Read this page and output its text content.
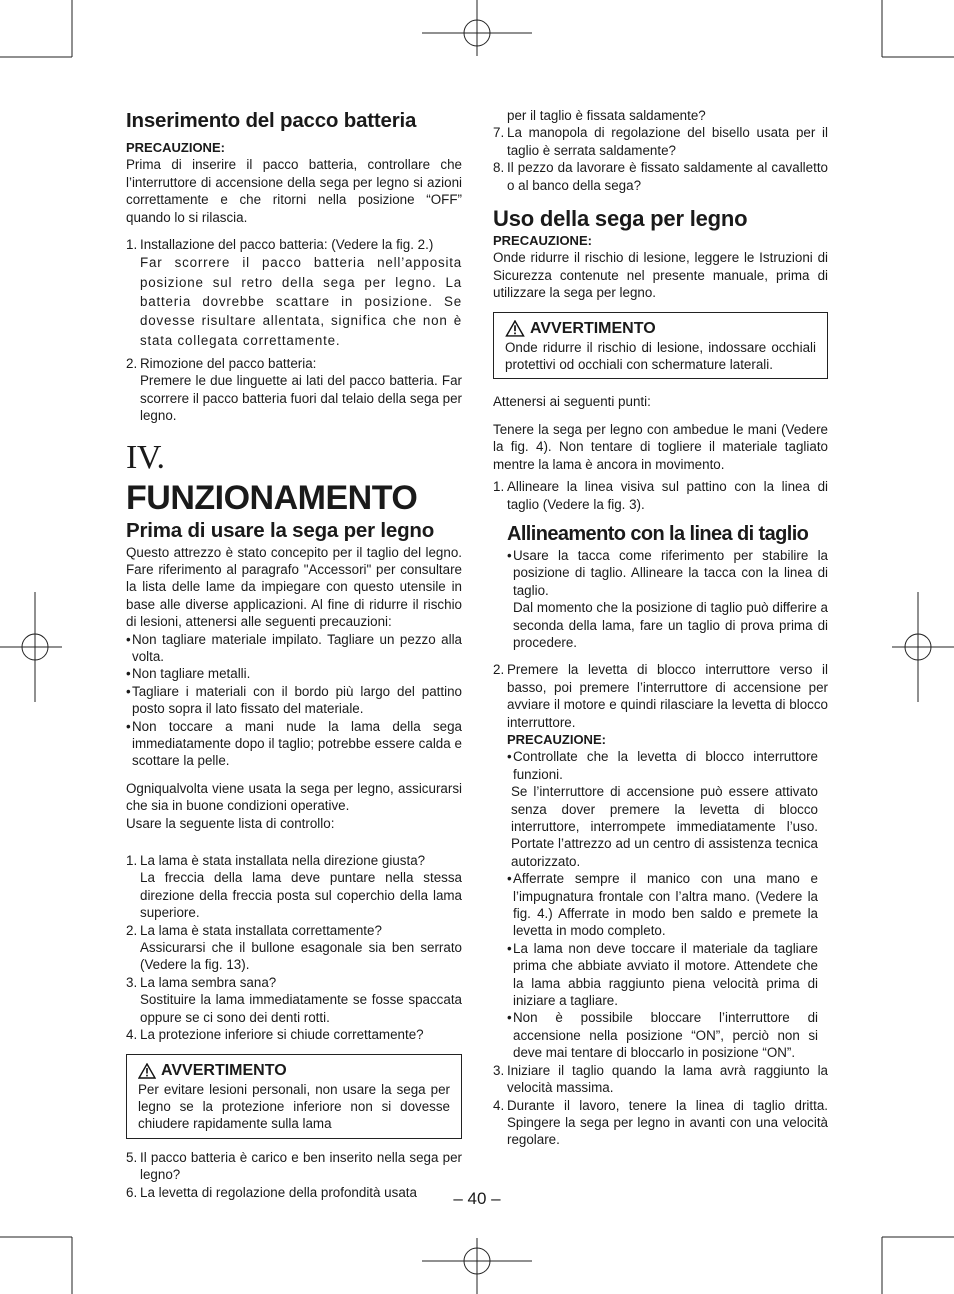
Inserimento del pacco batteria
PRECAUZIONE:

Prima di inserire il pacco batteria, controllare che l’interruttore di accensione della sega per legno si azioni correttamente e che ritorni nella posizione “OFF” quando lo si rilascia.

1. Installazione del pacco batteria: (Vedere la fig. 2.)

Far scorrere il pacco batteria nell’apposita posizione sul retro della sega per legno. La batteria dovrebbe scattare in posizione. Se dovesse risultare allentata, significa che non è stata collegata correttamente.

2. Rimozione del pacco batteria:

Premere le due linguette ai lati del pacco batteria. Far scorrere il pacco batteria fuori dal telaio della sega per legno.

IV. FUNZIONAMENTO
Prima di usare la sega per legno

Questo attrezzo è stato concepito per il taglio del legno. Fare riferimento al paragrafo "Accessori" per consultare la lista delle lame da impiegare con questo utensile in base alle diverse applicazioni. Al fine di ridurre il rischio di lesioni, attenersi alle seguenti precauzioni:

• Non tagliare materiale impilato. Tagliare un pezzo alla volta.
• Non tagliare metalli.
• Tagliare i materiali con il bordo più largo del pattino posto sopra il lato fissato del materiale.
• Non toccare a mani nude la lama della sega immediatamente dopo il taglio; potrebbe essere calda e scottare la pelle.

Ogniqualvolta viene usata la sega per legno, assicurarsi che sia in buone condizioni operative.

Usare la seguente lista di controllo:

1. La lama è stata installata nella direzione giusta?

La freccia della lama deve puntare nella stessa direzione della freccia posta sul coperchio della lama superiore.

2. La lama è stata installata correttamente?

Assicurarsi che il bullone esagonale sia ben serrato (Vedere la fig. 13).

3. La lama sembra sana?

Sostituire la lama immediatamente se fosse spaccata oppure se ci sono dei denti rotti.

4. La protezione inferiore si chiude correttamente?
AVVERTIMENTO

Per evitare lesioni personali, non usare la sega per legno se la protezione inferiore non si dovesse chiudere rapidamente sulla lama

5. Il pacco batteria è carico e ben inserito nella sega per legno?
6. La levetta di regolazione della profondità usata

per il taglio è fissata saldamente?

7. La manopola di regolazione del bisello usata per il taglio è serrata saldamente?
8. Il pezzo da lavorare è fissato saldamente al cavalletto o al banco della sega?
Uso della sega per legno
PRECAUZIONE:

Onde ridurre il rischio di lesione, leggere le Istruzioni di Sicurezza contenute nel presente manuale, prima di utilizzare la sega per legno.

AVVERTIMENTO

Onde ridurre il rischio di lesione, indossare occhiali protettivi od occhiali con schermature laterali.

Attenersi ai seguenti punti:

Tenere la sega per legno con ambedue le mani (Vedere la fig. 4). Non tentare di togliere il materiale tagliato mentre la lama è ancora in movimento.

1. Allineare la linea visiva sul pattino con la linea di taglio (Vedere la fig. 3).
Allineamento con la linea di taglio
• Usare la tacca come riferimento per stabilire la posizione di taglio. Allineare la tacca con la linea di taglio.

Dal momento che la posizione di taglio può differire a seconda della lama, fare un taglio di prova prima di procedere.

2. Premere la levetta di blocco interruttore verso il basso, poi premere l’interruttore di accensione per avviare il motore e quindi rilasciare la levetta di blocco interruttore.
PRECAUZIONE:
• Controllate che la levetta di blocco interruttore funzioni.

Se l’interruttore di accensione può essere attivato senza dover premere la levetta di blocco interruttore, interrompete immediatamente l’uso. Portate l’attrezzo ad un centro di assistenza tecnica autorizzato.

• Afferrate sempre il manico con una mano e l’impugnatura frontale con l’altra mano. (Vedere la fig. 4.) Afferrate in modo ben saldo e premete la levetta in modo completo.
• La lama non deve toccare il materiale da tagliare prima che abbiate avviato il motore. Attendete che la lama abbia raggiunto piena velocità prima di iniziare a tagliare.
• Non è possibile bloccare l’interruttore di accensione nella posizione “ON”, perciò non si deve mai tentare di bloccarlo in posizione “ON”.
3. Iniziare il taglio quando la lama avrà raggiunto la velocità massima.
4. Durante il lavoro, tenere la linea di taglio dritta. Spingere la sega per legno in avanti con una velocità regolare.
– 40 –
